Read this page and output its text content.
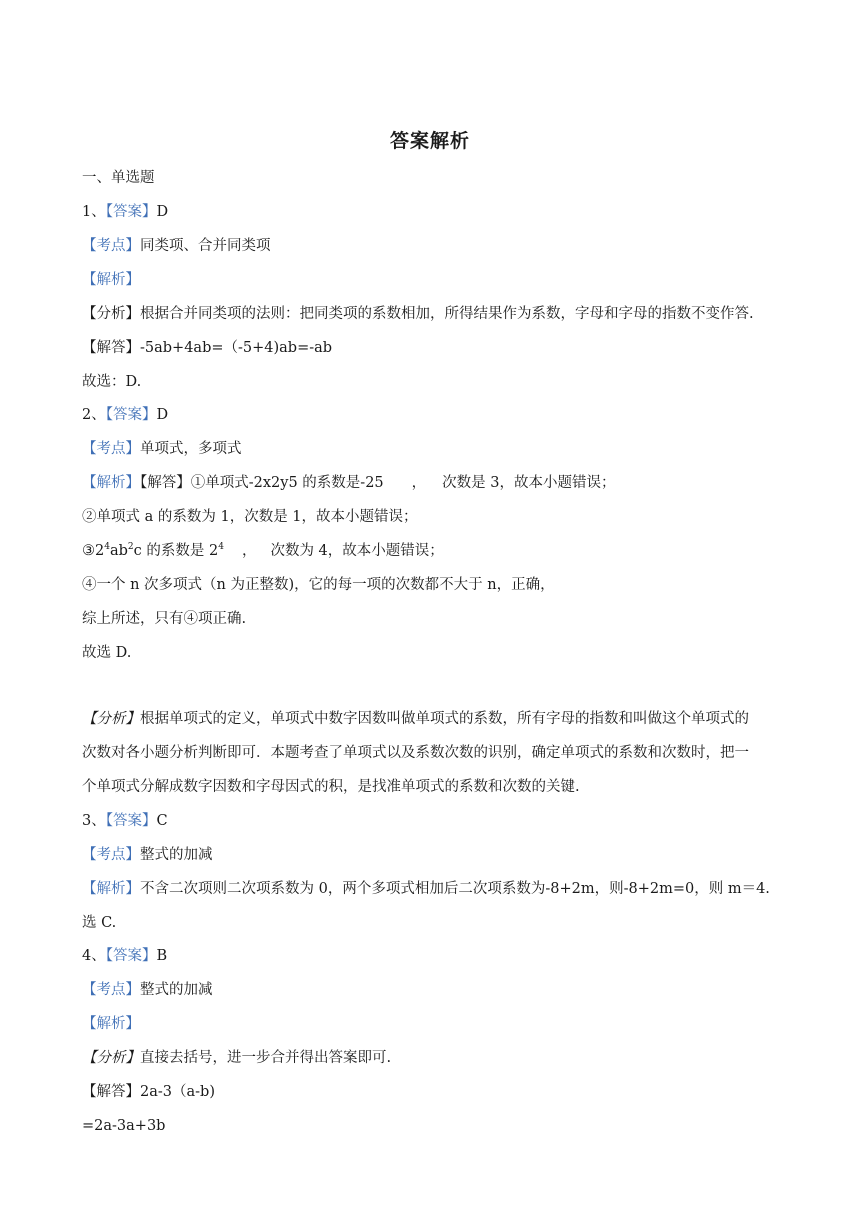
答案解析
一、单选题
1、【答案】D
【考点】同类项、合并同类项
【解析】
【分析】根据合并同类项的法则：把同类项的系数相加，所得结果作为系数，字母和字母的指数不变作答.
【解答】-5ab+4ab=（-5+4)ab=-ab
故选：D.
2、【答案】D
【考点】单项式，多项式
【解析】【解答】①单项式-2x2y5 的系数是-25 ， 次数是 3，故本小题错误；
②单项式 a 的系数为 1，次数是 1，故本小题错误；
$③2^4ab^2c$ 的系数是 $2^4$ ， 次数为 4，故本小题错误；
④一个 n 次多项式（n 为正整数)，它的每一项的次数都不大于 n，正确，
综上所述，只有④项正确.
故选 D.
【分析】根据单项式的定义，单项式中数字因数叫做单项式的系数，所有字母的指数和叫做这个单项式的
次数对各小题分析判断即可．本题考查了单项式以及系数次数的识别，确定单项式的系数和次数时，把一
个单项式分解成数字因数和字母因式的积，是找准单项式的系数和次数的关键.
3、【答案】C
【考点】整式的加减
【解析】不含二次项则二次项系数为 0，两个多项式相加后二次项系数为-8+2m，则-8+2m=0，则 m＝4.
选 C.
4、【答案】B
【考点】整式的加减
【解析】
【分析】直接去括号，进一步合并得出答案即可.
【解答】2a-3（a-b)
=2a-3a+3b
